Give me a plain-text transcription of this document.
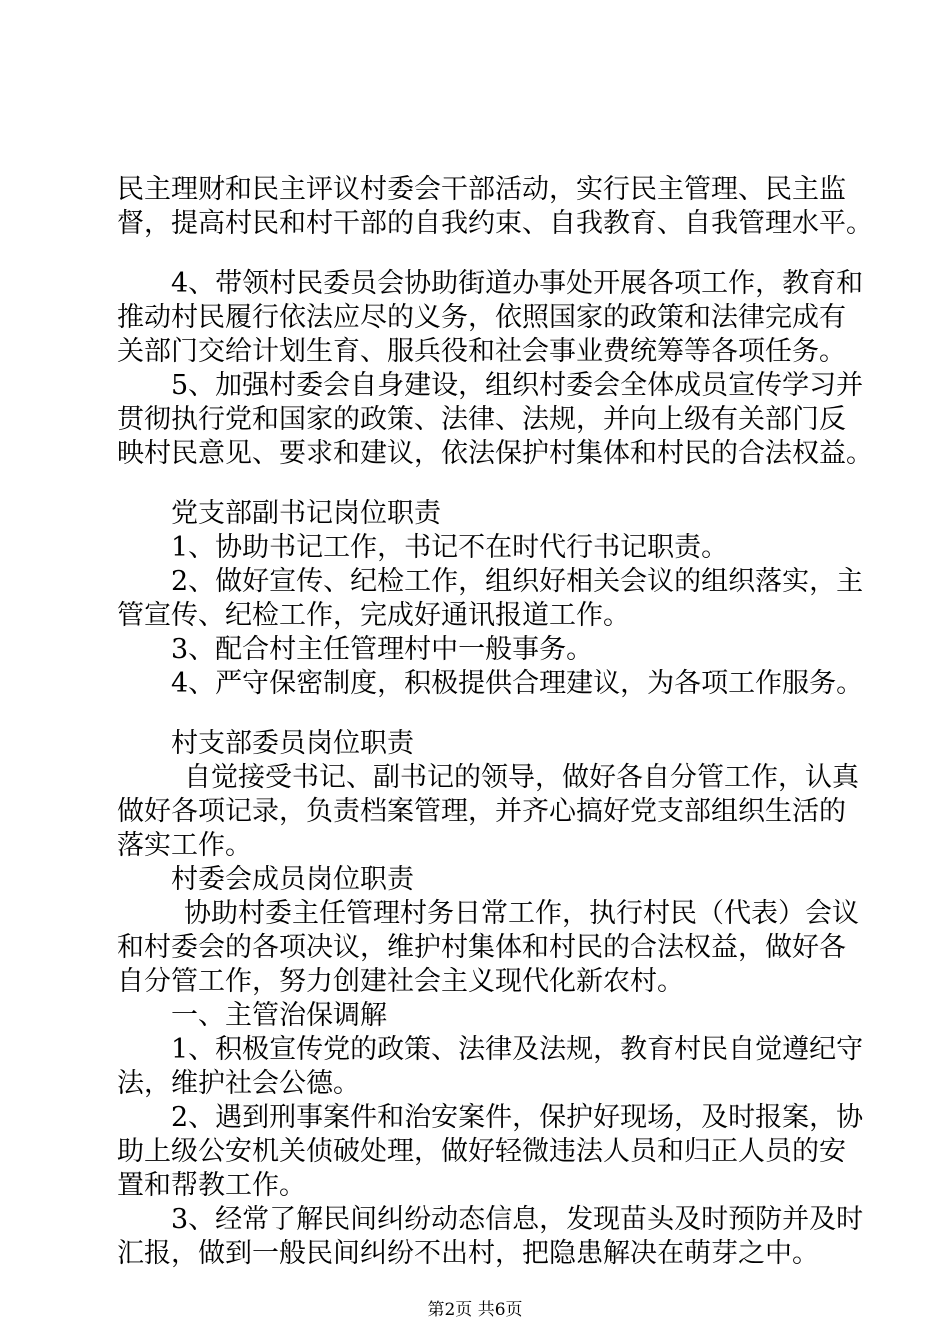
民主理财和民主评议村委会干部活动，实行民主管理、民主监
督，提高村民和村干部的自我约束、自我教育、自我管理水平。
4、带领村民委员会协助街道办事处开展各项工作，教育和
推动村民履行依法应尽的义务，依照国家的政策和法律完成有
关部门交给计划生育、服兵役和社会事业费统筹等各项任务。
5、加强村委会自身建设，组织村委会全体成员宣传学习并
贯彻执行党和国家的政策、法律、法规，并向上级有关部门反
映村民意见、要求和建议，依法保护村集体和村民的合法权益。
党支部副书记岗位职责
1、协助书记工作，书记不在时代行书记职责。
2、做好宣传、纪检工作，组织好相关会议的组织落实，主
管宣传、纪检工作，完成好通讯报道工作。
3、配合村主任管理村中一般事务。
4、严守保密制度，积极提供合理建议，为各项工作服务。
村支部委员岗位职责
自觉接受书记、副书记的领导，做好各自分管工作，认真
做好各项记录，负责档案管理，并齐心搞好党支部组织生活的
落实工作。
村委会成员岗位职责
协助村委主任管理村务日常工作，执行村民（代表）会议
和村委会的各项决议，维护村集体和村民的合法权益，做好各
自分管工作，努力创建社会主义现代化新农村。
一、主管治保调解
1、积极宣传党的政策、法律及法规，教育村民自觉遵纪守
法，维护社会公德。
2、遇到刑事案件和治安案件，保护好现场，及时报案，协
助上级公安机关侦破处理，做好轻微违法人员和归正人员的安
置和帮教工作。
3、经常了解民间纠纷动态信息，发现苗头及时预防并及时
汇报，做到一般民间纠纷不出村，把隐患解决在萌芽之中。
第2页 共6页
